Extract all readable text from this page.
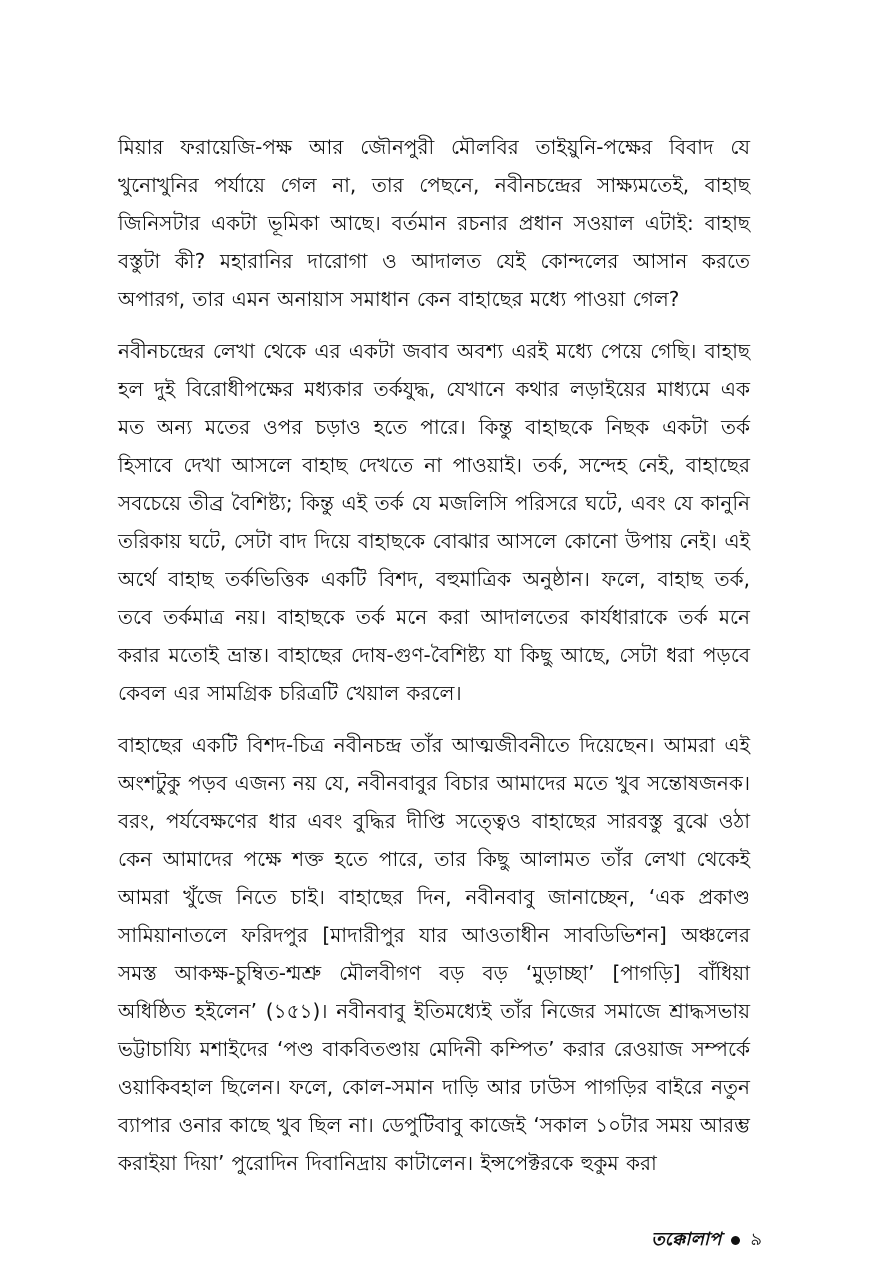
মিয়ার ফরায়েজি-পক্ষ আর জৌনপুরী মৌলবির তাইয়ুনি-পক্ষের বিবাদ যে খুনোখুনির পর্যায়ে গেল না, তার পেছনে, নবীনচন্দ্রের সাক্ষ্যমতেই, বাহাছ জিনিসটার একটা ভূমিকা আছে। বর্তমান রচনার প্রধান সওয়াল এটাই: বাহাছ বস্তুটা কী? মহারানির দারোগা ও আদালত যেই কোন্দলের আসান করতে অপারগ, তার এমন অনায়াস সমাধান কেন বাহাছের মধ্যে পাওয়া গেল?

নবীনচন্দ্রের লেখা থেকে এর একটা জবাব অবশ্য এরই মধ্যে পেয়ে গেছি। বাহাছ হল দুই বিরোধীপক্ষের মধ্যকার তর্কযুদ্ধ, যেখানে কথার লড়াইয়ের মাধ্যমে এক মত অন্য মতের ওপর চড়াও হতে পারে। কিন্তু বাহাছকে নিছক একটা তর্ক হিসাবে দেখা আসলে বাহাছ দেখতে না পাওয়াই। তর্ক, সন্দেহ নেই, বাহাছের সবচেয়ে তীব্র বৈশিষ্ট্য; কিন্তু এই তর্ক যে মজলিসি পরিসরে ঘটে, এবং যে কানুনি তরিকায় ঘটে, সেটা বাদ দিয়ে বাহাছকে বোঝার আসলে কোনো উপায় নেই। এই অর্থে বাহাছ তর্কভিত্তিক একটি বিশদ, বহুমাত্রিক অনুষ্ঠান। ফলে, বাহাছ তর্ক, তবে তর্কমাত্র নয়। বাহাছকে তর্ক মনে করা আদালতের কার্যধারাকে তর্ক মনে করার মতোই ভ্রান্ত। বাহাছের দোষ-গুণ-বৈশিষ্ট্য যা কিছু আছে, সেটা ধরা পড়বে কেবল এর সামগ্রিক চরিত্রটি খেয়াল করলে।

বাহাছের একটি বিশদ-চিত্র নবীনচন্দ্র তাঁর আত্মজীবনীতে দিয়েছেন। আমরা এই অংশটুকু পড়ব এজন্য নয় যে, নবীনবাবুর বিচার আমাদের মতে খুব সন্তোষজনক। বরং, পর্যবেক্ষণের ধার এবং বুদ্ধির দীপ্তি সত্ত্বেও বাহাছের সারবস্তু বুঝে ওঠা কেন আমাদের পক্ষে শক্ত হতে পারে, তার কিছু আলামত তাঁর লেখা থেকেই আমরা খুঁজে নিতে চাই। বাহাছের দিন, নবীনবাবু জানাচ্ছেন, ‘এক প্রকাণ্ড সামিয়ানাতলে ফরিদপুর [মাদারীপুর যার আওতাধীন সাবডিভিশন] অঞ্চলের সমস্ত আকক্ষ-চুম্বিত-শ্মশ্রু মৌলবীগণ বড় বড় ‘মুড়াচ্ছা’ [পাগড়ি] বাঁধিয়া অধিষ্ঠিত হইলেন’ (১৫১)। নবীনবাবু ইতিমধ্যেই তাঁর নিজের সমাজে শ্রাদ্ধসভায় ভট্টাচায্যি মশাইদের ‘পণ্ড বাকবিতণ্ডায় মেদিনী কম্পিত’ করার রেওয়াজ সম্পর্কে ওয়াকিবহাল ছিলেন। ফলে, কোল-সমান দাড়ি আর ঢাউস পাগড়ির বাইরে নতুন ব্যাপার ওনার কাছে খুব ছিল না। ডেপুটিবাবু কাজেই ‘সকাল ১০টার সময় আরম্ভ করাইয়া দিয়া’ পুরোদিন দিবানিদ্রায় কাটালেন। ইন্সপেক্টরকে হুকুম করা

তক্কোলাপ ৯
